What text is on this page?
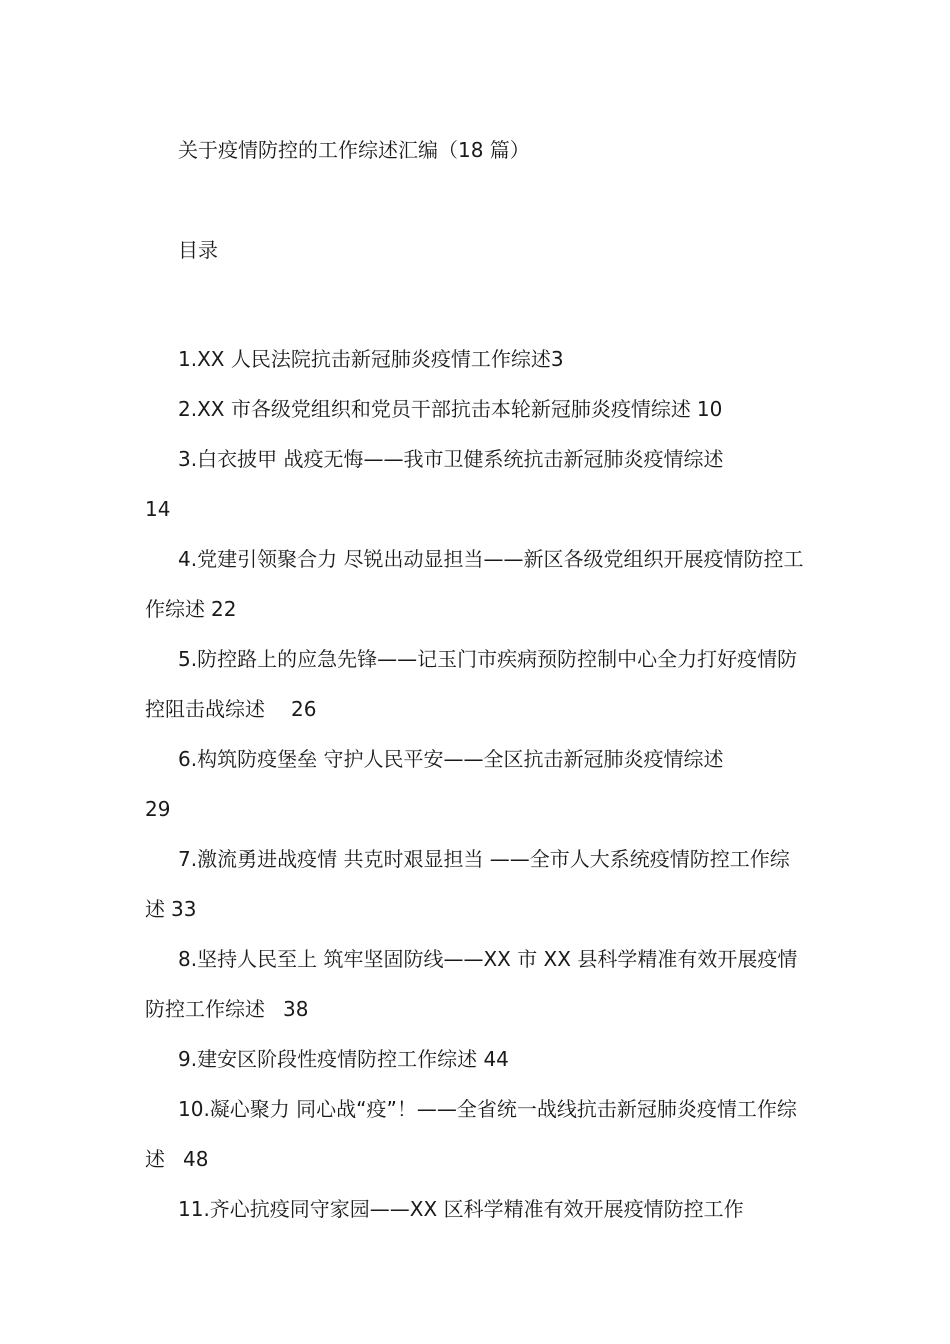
关于疫情防控的工作综述汇编（18 篇）
目录
1.XX 人民法院抗击新冠肺炎疫情工作综述3
2.XX 市各级党组织和党员干部抗击本轮新冠肺炎疫情综述 10
3.白衣披甲 战疫无悔——我市卫健系统抗击新冠肺炎疫情综述
14
4.党建引领聚合力 尽锐出动显担当——新区各级党组织开展疫情防控工作综述 22
5.防控路上的应急先锋——记玉门市疾病预防控制中心全力打好疫情防控阻击战综述 26
6.构筑防疫堡垒 守护人民平安——全区抗击新冠肺炎疫情综述
29
7.激流勇进战疫情 共克时艰显担当 ——全市人大系统疫情防控工作综述 33
8.坚持人民至上 筑牢坚固防线——XX 市 XX 县科学精准有效开展疫情防控工作综述 38
9.建安区阶段性疫情防控工作综述 44
10.凝心聚力 同心战“疫”！——全省统一战线抗击新冠肺炎疫情工作综述 48
11.齐心抗疫同守家园——XX 区科学精准有效开展疫情防控工作
